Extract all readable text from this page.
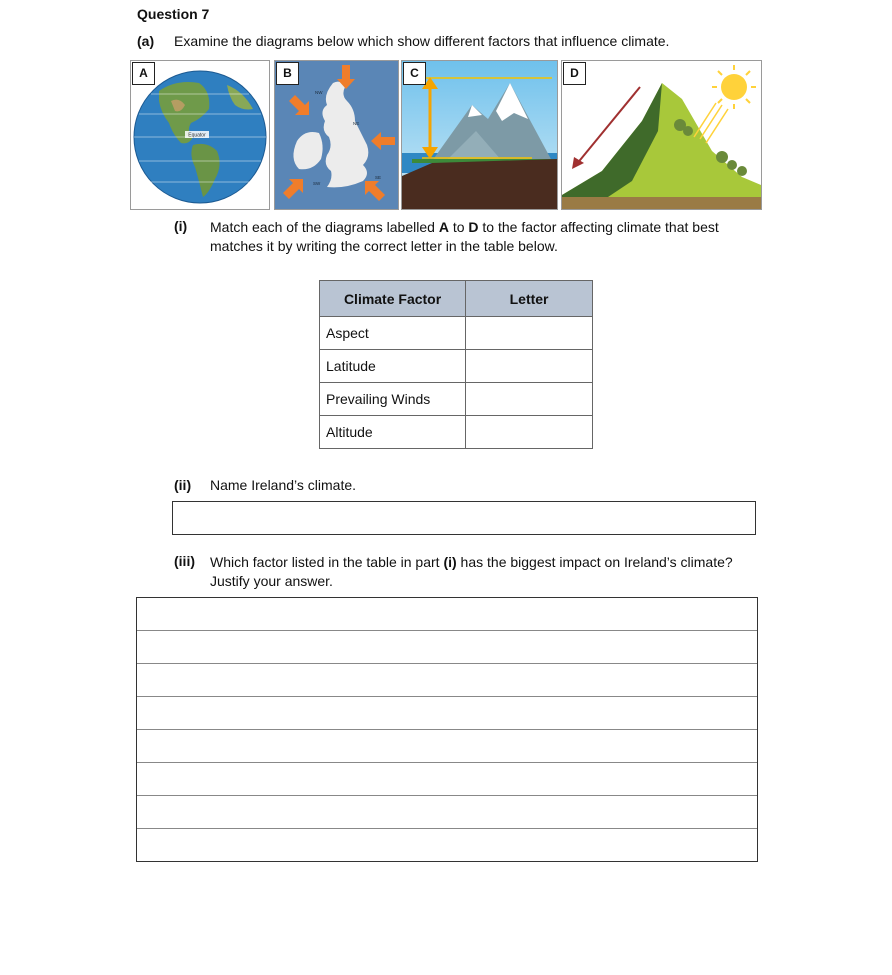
Question 7
(a) Examine the diagrams below which show different factors that influence climate.
Equator
A
NW
NE
SE
SW
B	C	D
(i) Match each of the diagrams labelled A to D to the factor affecting climate that best matches it by writing the correct letter in the table below.
Climate Factor	Letter
Aspect	
Latitude	
Prevailing Winds	
Altitude	
(ii) Name Ireland’s climate.
(iii) Which factor listed in the table in part (i) has the biggest impact on Ireland’s climate? Justify your answer.
